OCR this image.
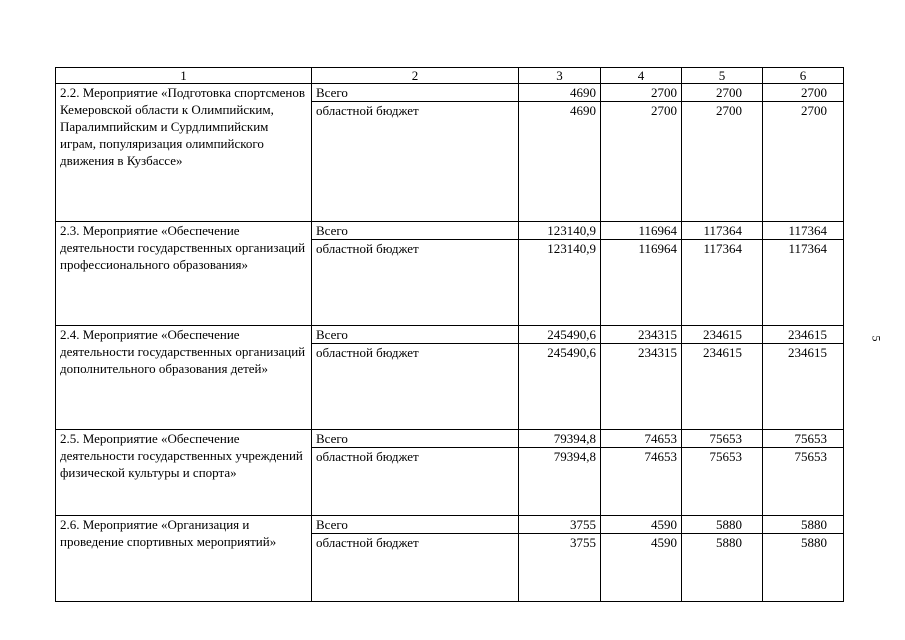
1	2	3	4	5	6
2.2. Мероприятие «Подготовка спортсменов Кемеровской области к Олимпийским, Паралимпийским и Сурдлимпийским играм, популяризация олимпийского движения в Кузбассе»	Всего	4690	2700	2700	2700
	областной бюджет	4690	2700	2700	2700
2.3. Мероприятие «Обеспечение деятельности государственных организаций профессионального образования»	Всего	123140,9	116964	117364	117364
	областной бюджет	123140,9	116964	117364	117364
2.4. Мероприятие «Обеспечение деятельности государственных организаций дополнительного образования детей»	Всего	245490,6	234315	234615	234615
	областной бюджет	245490,6	234315	234615	234615
2.5. Мероприятие «Обеспечение деятельности государственных учреждений физической культуры и спорта»	Всего	79394,8	74653	75653	75653
	областной бюджет	79394,8	74653	75653	75653
2.6. Мероприятие «Организация и проведение спортивных мероприятий»	Всего	3755	4590	5880	5880
	областной бюджет	3755	4590	5880	5880
5
